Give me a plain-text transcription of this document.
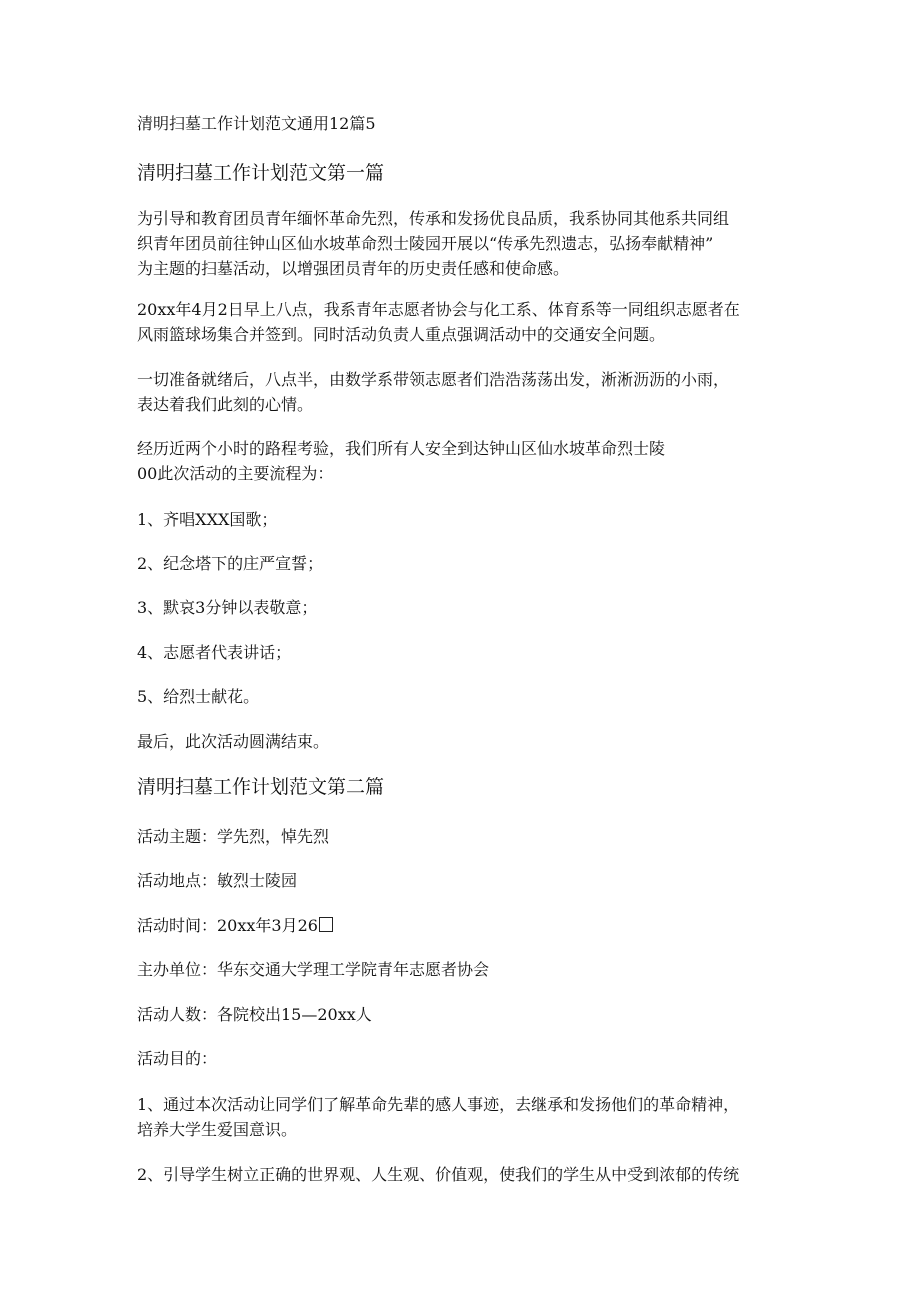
清明扫墓工作计划范文通用12篇5
清明扫墓工作计划范文第一篇

为引导和教育团员青年缅怀革命先烈，传承和发扬优良品质，我系协同其他系共同组
织青年团员前往钟山区仙水坡革命烈士陵园开展以“传承先烈遗志，弘扬奉献精神”
为主题的扫墓活动，以增强团员青年的历史责任感和使命感。

20xx年4月2日早上八点，我系青年志愿者协会与化工系、体育系等一同组织志愿者在
风雨篮球场集合并签到。同时活动负责人重点强调活动中的交通安全问题。

一切准备就绪后，八点半，由数学系带领志愿者们浩浩荡荡出发，淅淅沥沥的小雨，
表达着我们此刻的心情。

经历近两个小时的路程考验，我们所有人安全到达钟山区仙水坡革命烈士陵
00此次活动的主要流程为：

1、齐唱XXX国歌；

2、纪念塔下的庄严宣誓；

3、默哀3分钟以表敬意；

4、志愿者代表讲话；

5、给烈士献花。

最后，此次活动圆满结束。

清明扫墓工作计划范文第二篇

活动主题：学先烈，悼先烈

活动地点：敏烈士陵园

活动时间：20xx年3月26

主办单位：华东交通大学理工学院青年志愿者协会

活动人数：各院校出15—20xx人

活动目的：

1、通过本次活动让同学们了解革命先辈的感人事迹，去继承和发扬他们的革命精神，
培养大学生爱国意识。

2、引导学生树立正确的世界观、人生观、价值观，使我们的学生从中受到浓郁的传统
